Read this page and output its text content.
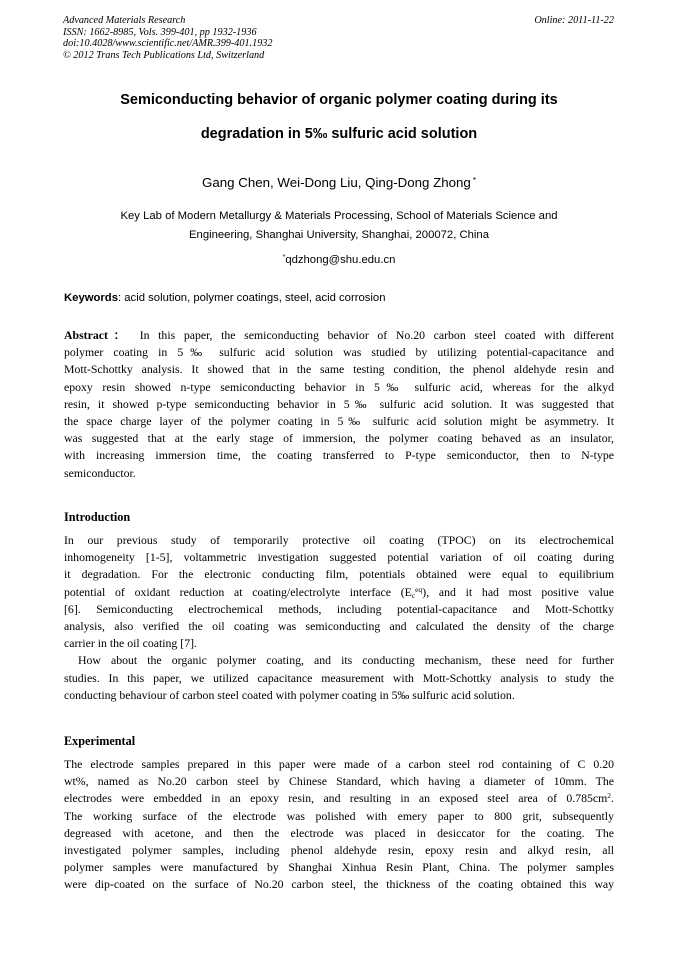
Advanced Materials Research
ISSN: 1662-8985, Vols. 399-401, pp 1932-1936
doi:10.4028/www.scientific.net/AMR.399-401.1932
© 2012 Trans Tech Publications Ltd, Switzerland
Online: 2011-11-22
Semiconducting behavior of organic polymer coating during its
degradation in 5‰ sulfuric acid solution
Gang Chen, Wei-Dong Liu, Qing-Dong Zhong *
Key Lab of Modern Metallurgy & Materials Processing, School of Materials Science and
Engineering, Shanghai University, Shanghai, 200072, China
*qdzhong@shu.edu.cn
Keywords: acid solution, polymer coatings, steel, acid corrosion
Abstract： In this paper, the semiconducting behavior of No.20 carbon steel coated with different
polymer coating in 5‰ sulfuric acid solution was studied by utilizing potential-capacitance and
Mott-Schottky analysis. It showed that in the same testing condition, the phenol aldehyde resin and
epoxy resin showed n-type semiconducting behavior in 5‰ sulfuric acid, whereas for the alkyd
resin, it showed p-type semiconducting behavior in 5‰ sulfuric acid solution. It was suggested that
the space charge layer of the polymer coating in 5‰ sulfuric acid solution might be asymmetry. It
was suggested that at the early stage of immersion, the polymer coating behaved as an insulator,
with increasing immersion time, the coating transferred to P-type semiconductor, then to N-type
semiconductor.
Introduction
In our previous study of temporarily protective oil coating (TPOC) on its electrochemical
inhomogeneity [1-5], voltammetric investigation suggested potential variation of oil coating during
it degradation. For the electronic conducting film, potentials obtained were equal to equilibrium
potential of oxidant reduction at coating/electrolyte interface $(E_c^{eq})$, and it had most positive value
[6]. Semiconducting electrochemical methods, including potential-capacitance and Mott-Schottky
analysis, also verified the oil coating was semiconducting and calculated the density of the charge
carrier in the oil coating [7].
How about the organic polymer coating, and its conducting mechanism, these need for further
studies. In this paper, we utilized capacitance measurement with Mott-Schottky analysis to study the
conducting behaviour of carbon steel coated with polymer coating in 5‰ sulfuric acid solution.
Experimental
The electrode samples prepared in this paper were made of a carbon steel rod containing of C 0.20
wt%, named as No.20 carbon steel by Chinese Standard, which having a diameter of 10mm. The
electrodes were embedded in an epoxy resin, and resulting in an exposed steel area of $0.785cm^2$.
The working surface of the electrode was polished with emery paper to 800 grit, subsequently
degreased with acetone, and then the electrode was placed in desiccator for the coating. The
investigated polymer samples, including phenol aldehyde resin, epoxy resin and alkyd resin, all
polymer samples were manufactured by Shanghai Xinhua Resin Plant, China. The polymer samples
were dip-coated on the surface of No.20 carbon steel, the thickness of the coating obtained this way
